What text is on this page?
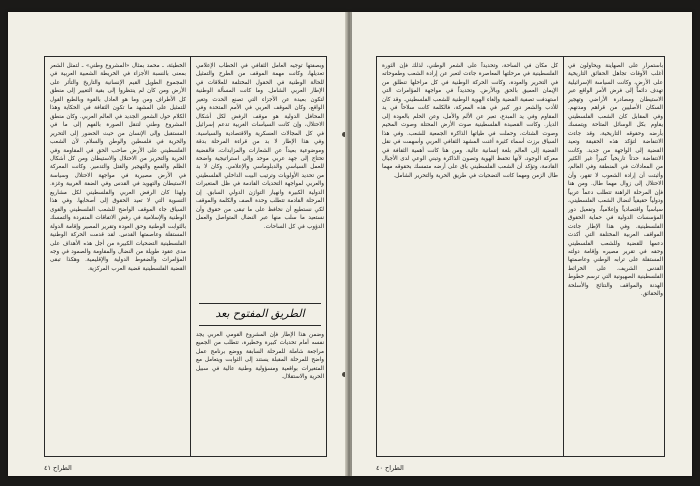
الخطيئة، ـ محمد بمثال «المشروع وطني» ـ لتمثل الشعر بمعنى بالنسبة الأجزاء في الخريطة الشعبية العربية في المجموع الطويل القيم الإنسانية والتاريخ والتأثر على الأرض ومن كان لم ينتظروا إلى بقية التغيير إلى منطق كل الأطراف ومن وما هو العادل بالقوة وبالطبع القول للتمثيل على المشهد ما تكون الثقافة في الحكاية وهذا الكلام حول الشعور الجديد في العالم العربي. وكان منطق المشروع وطني لتنقل الصورة بالفهم إلى ما في المستقبل وإلى الإنسان من حيث الحضور إلى التحرير والحرية في فلسطين والوطن والسلام. لأن الشعب الفلسطيني على الأرض صاحب الحق في المقاومة وفي الحرية والتحرير من الاحتلال والاستيطان ومن كل أشكال الظلم والقمع والتهجير والقتل والتدمير. وكانت المعركة في الأرض مصيرية في مواجهة الاحتلال وسياسة الاستيطان والتهويد في القدس وفي الضفة الغربية وغزة. ولهذا كان الرفض العربي والفلسطيني لكل مشاريع التسوية التي لا تعيد الحقوق إلى أصحابها. وفي هذا السياق جاء الموقف الواضح للشعب الفلسطيني والقوى الوطنية والإسلامية في رفض الاتفاقات المنفردة والتمسك بالثوابت الوطنية وحق العودة وتقرير المصير وإقامة الدولة المستقلة وعاصمتها القدس. لقد قدمت الحركة الوطنية الفلسطينية التضحيات الكبيرة من أجل هذه الأهداف على مدى عقود طويلة من النضال والمقاومة والصمود في وجه المؤامرات والضغوط الدولية والإقليمية. وهكذا تبقى القضية الفلسطينية قضية العرب المركزية.

وبصفتها توجيه العامل الثقافي في الخطاب الإعلامي تعديلها، وكانت مهمة الموقف من الطرح والتمثيل للحالة الوطنية في الحقول المختلفة للعلاقات في الإطار العربي الشامل. وما كانت المسألة الوطنية لتكون بعيدة عن الأجزاء التي تصنع الحدث وتغير الواقع، وكان الموقف العربي في الأمم المتحدة وفي المحافل الدولية هو موقف الرفض لكل أشكال الاحتلال، وإن كانت السياسات الغربية تدعم إسرائيل في كل المجالات العسكرية والاقتصادية والسياسية. وفي هذا الإطار لا بد من قراءة المرحلة بدقة وموضوعية بعيداً عن الشعارات والمزايدات، فالقضية تحتاج إلى جهد عربي موحد وإلى استراتيجية واضحة للعمل السياسي والدبلوماسي والإعلامي. وكان لا بد من تحديد الأولويات وترتيب البيت الداخلي الفلسطيني والعربي لمواجهة التحديات القادمة في ظل المتغيرات الدولية الكبيرة وانهيار التوازن الدولي السابق. إن المرحلة القادمة تتطلب وحدة الصف والكلمة والموقف لكي نستطيع أن نحافظ على ما تبقى من حقوق وأن نستعيد ما سلب منها عبر النضال المتواصل والعمل الدؤوب في كل الساحات.

الطريق المفتوح بعد

وضمن هذا الإطار فإن المشروع القومي العربي يجد نفسه أمام تحديات كبيرة وخطيرة، تتطلب من الجميع مراجعة شاملة للمرحلة السابقة ووضع برنامج عمل واضح للمرحلة المقبلة يستند إلى الثوابت ويتعامل مع المتغيرات بواقعية ومسؤولية وطنية عالية في سبيل الحرية والاستقلال.

الطراح ٤١

كل مكان في الساحة، وتحديداً على الشعر الوطني، لذلك فإن الثورة الفلسطينية في مرحلتها المعاصرة جاءت لتعبر عن إرادة الشعب وطموحاته في التحرير والعودة، وكانت الحركة الوطنية في كل مراحلها تنطلق من الإيمان العميق بالحق وبالأرض. وتحديداً في مواجهة المؤامرات التي استهدفت تصفية القضية وإلغاء الهوية الوطنية للشعب الفلسطيني. وقد كان للأدب والشعر دور كبير في هذه المعركة، فالكلمة كانت سلاحاً في يد المقاوم وفي يد المبدع، تعبر عن الألم والأمل، وعن الحلم بالعودة إلى الديار. وكانت القصيدة الفلسطينية صوت الأرض المحتلة وصوت المخيم وصوت الشتات، وحملت في طياتها الذاكرة الجمعية للشعب. وفي هذا السياق برزت أسماء كثيرة أغنت المشهد الثقافي العربي وأسهمت في نقل القضية إلى العالم بلغة إنسانية عالية. ومن هنا كانت أهمية الثقافة في معركة الوجود، لأنها تحفظ الهوية وتصون الذاكرة وتبني الوعي لدى الأجيال القادمة، وتؤكد أن الشعب الفلسطيني باق على أرضه متمسك بحقوقه مهما طال الزمن ومهما كانت التضحيات في طريق الحرية والتحرير الشامل.

باستمرار على الصهاينة ويحاولون في أغلب الأوقات تجاهل الحقائق التاريخية على الأرض، وكانت السياسة الإسرائيلية تهدف دائماً إلى فرض الأمر الواقع عبر الاستيطان ومصادرة الأراضي وتهجير السكان الأصليين من قراهم ومدنهم. وفي المقابل كان الشعب الفلسطيني يقاوم بكل الوسائل المتاحة ويتمسك بأرضه وحقوقه التاريخية، وقد جاءت الانتفاضة لتؤكد هذه الحقيقة وتعيد القضية إلى الواجهة من جديد. وكانت الانتفاضة حدثاً تاريخياً كبيراً غير الكثير من المعادلات في المنطقة وفي العالم، وأثبتت أن إرادة الشعوب لا تقهر، وأن الاحتلال إلى زوال مهما طال. ومن هنا فإن المرحلة الراهنة تتطلب دعماً عربياً ودولياً حقيقياً لنضال الشعب الفلسطيني، سياسياً واقتصادياً وإعلامياً، وتفعيل دور المؤسسات الدولية في حماية الحقوق الفلسطينية. وفي هذا الإطار جاءت المواقف العربية المختلفة التي أكدت دعمها للقضية وللشعب الفلسطيني وحقه في تقرير مصيره وإقامة دولته المستقلة على ترابه الوطني وعاصمتها القدس الشريف. على الخرائط الفلسطينية الصهيونية التي ترسم خطوط الهدنة والمواقف والنتائج والأسلحة والحقائق.

الطراح ٤٠
